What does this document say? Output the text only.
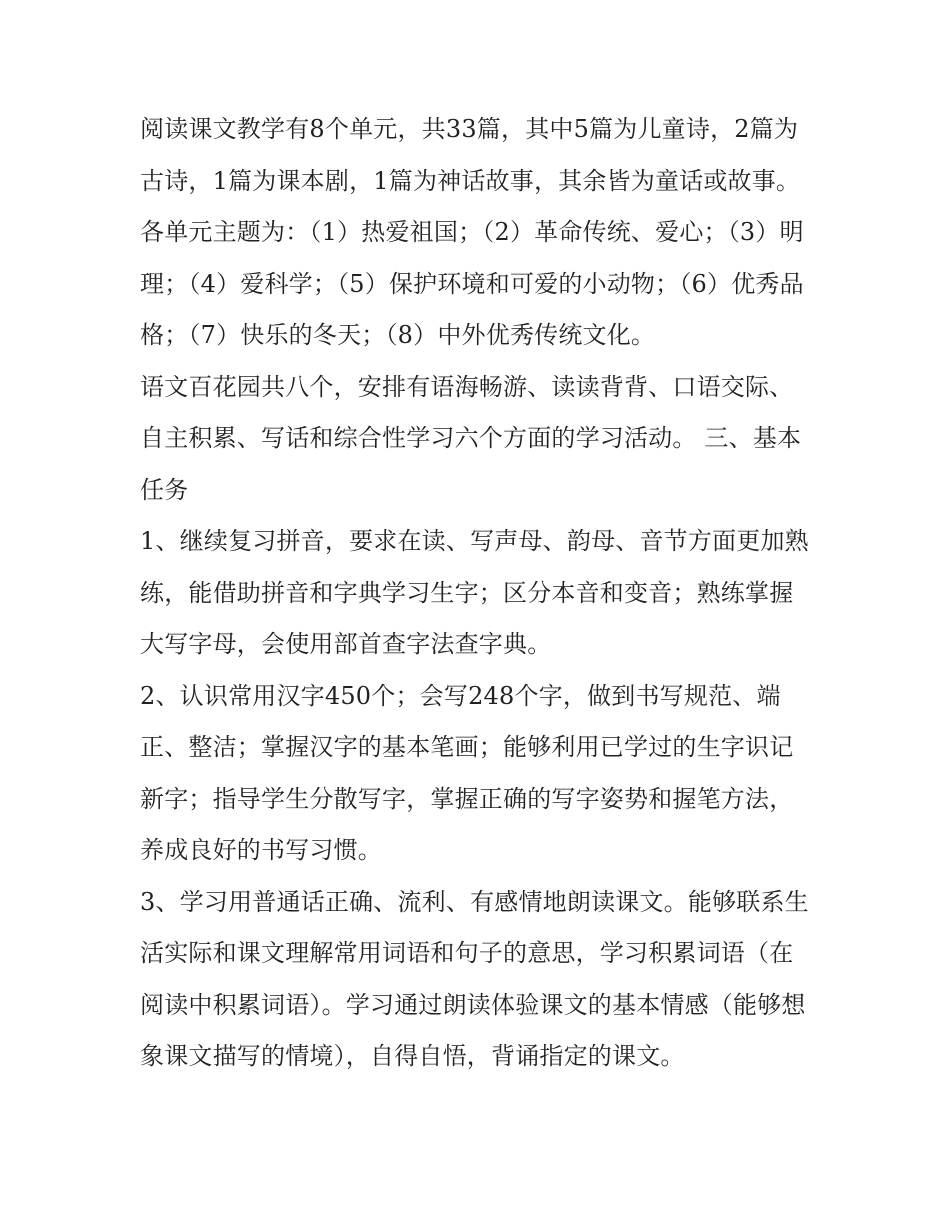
阅读课文教学有8个单元，共33篇，其中5篇为儿童诗，2篇为古诗，1篇为课本剧，1篇为神话故事，其余皆为童话或故事。各单元主题为：（1）热爱祖国；（2）革命传统、爱心；（3）明理；（4）爱科学；（5）保护环境和可爱的小动物；（6）优秀品格；（7）快乐的冬天；（8）中外优秀传统文化。

语文百花园共八个，安排有语海畅游、读读背背、口语交际、自主积累、写话和综合性学习六个方面的学习活动。 三、基本任务

1、继续复习拼音，要求在读、写声母、韵母、音节方面更加熟练，能借助拼音和字典学习生字；区分本音和变音；熟练掌握大写字母，会使用部首查字法查字典。

2、认识常用汉字450个；会写248个字，做到书写规范、端正、整洁；掌握汉字的基本笔画；能够利用已学过的生字识记新字；指导学生分散写字，掌握正确的写字姿势和握笔方法，养成良好的书写习惯。

3、学习用普通话正确、流利、有感情地朗读课文。能够联系生活实际和课文理解常用词语和句子的意思，学习积累词语（在阅读中积累词语）。学习通过朗读体验课文的基本情感（能够想象课文描写的情境），自得自悟，背诵指定的课文。
